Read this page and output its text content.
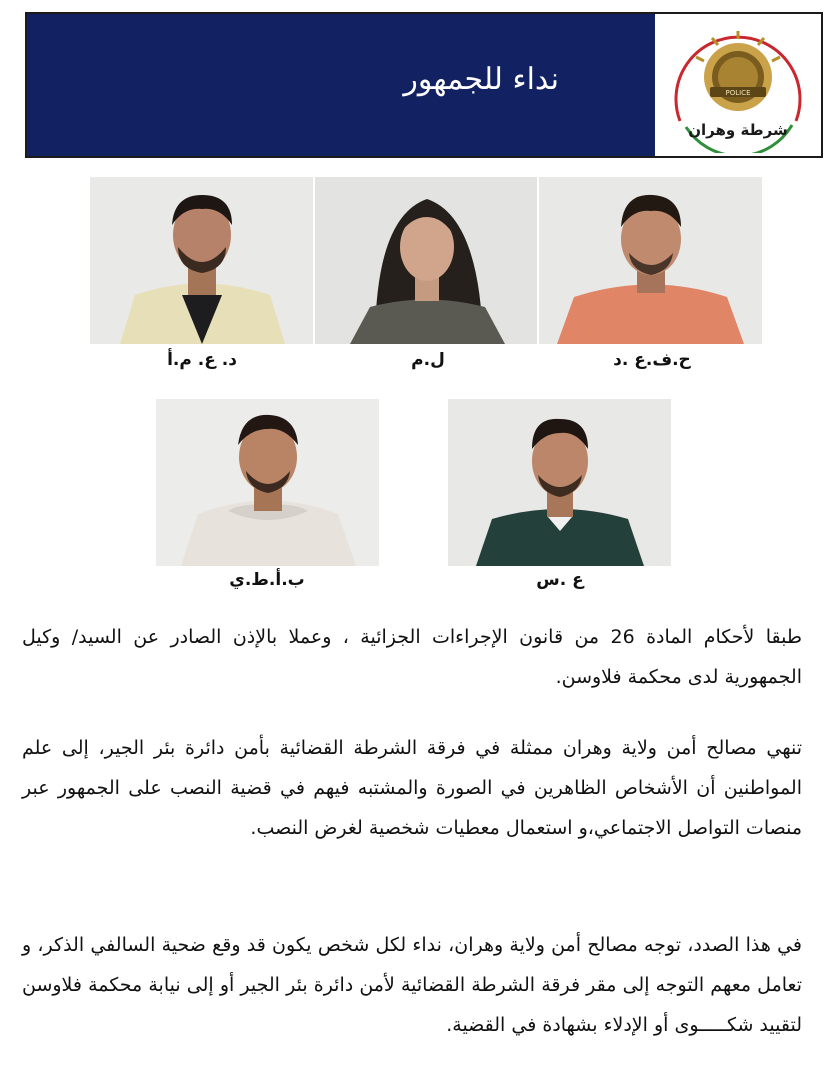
نداء للجمهور	POLICE
شرطة وهران
د. ع. م.أ	ل.م	ح.ف.ع .د
ب.أ.ط.ي	ع .س
طبقا لأحكام المادة 26 من قانون الإجراءات الجزائية ، وعملا بالإذن الصادر عن السيد/ وكيل الجمهورية لدى محكمة فلاوسن.
تنهي مصالح أمن ولاية وهران ممثلة في فرقة الشرطة القضائية بأمن دائرة بئر الجير، إلى علم المواطنين أن الأشخاص الظاهرين في الصورة والمشتبه فيهم في قضية النصب على الجمهور عبر منصات التواصل الاجتماعي،و استعمال معطيات شخصية لغرض النصب.
في هذا الصدد، توجه مصالح أمن ولاية وهران، نداء لكل شخص يكون قد وقع ضحية السالفي الذكر، و تعامل معهم التوجه إلى مقر فرقة الشرطة القضائية لأمن دائرة بئر الجير أو إلى نيابة محكمة فلاوسن لتقييد شكـــــوى أو الإدلاء بشهادة في القضية.
